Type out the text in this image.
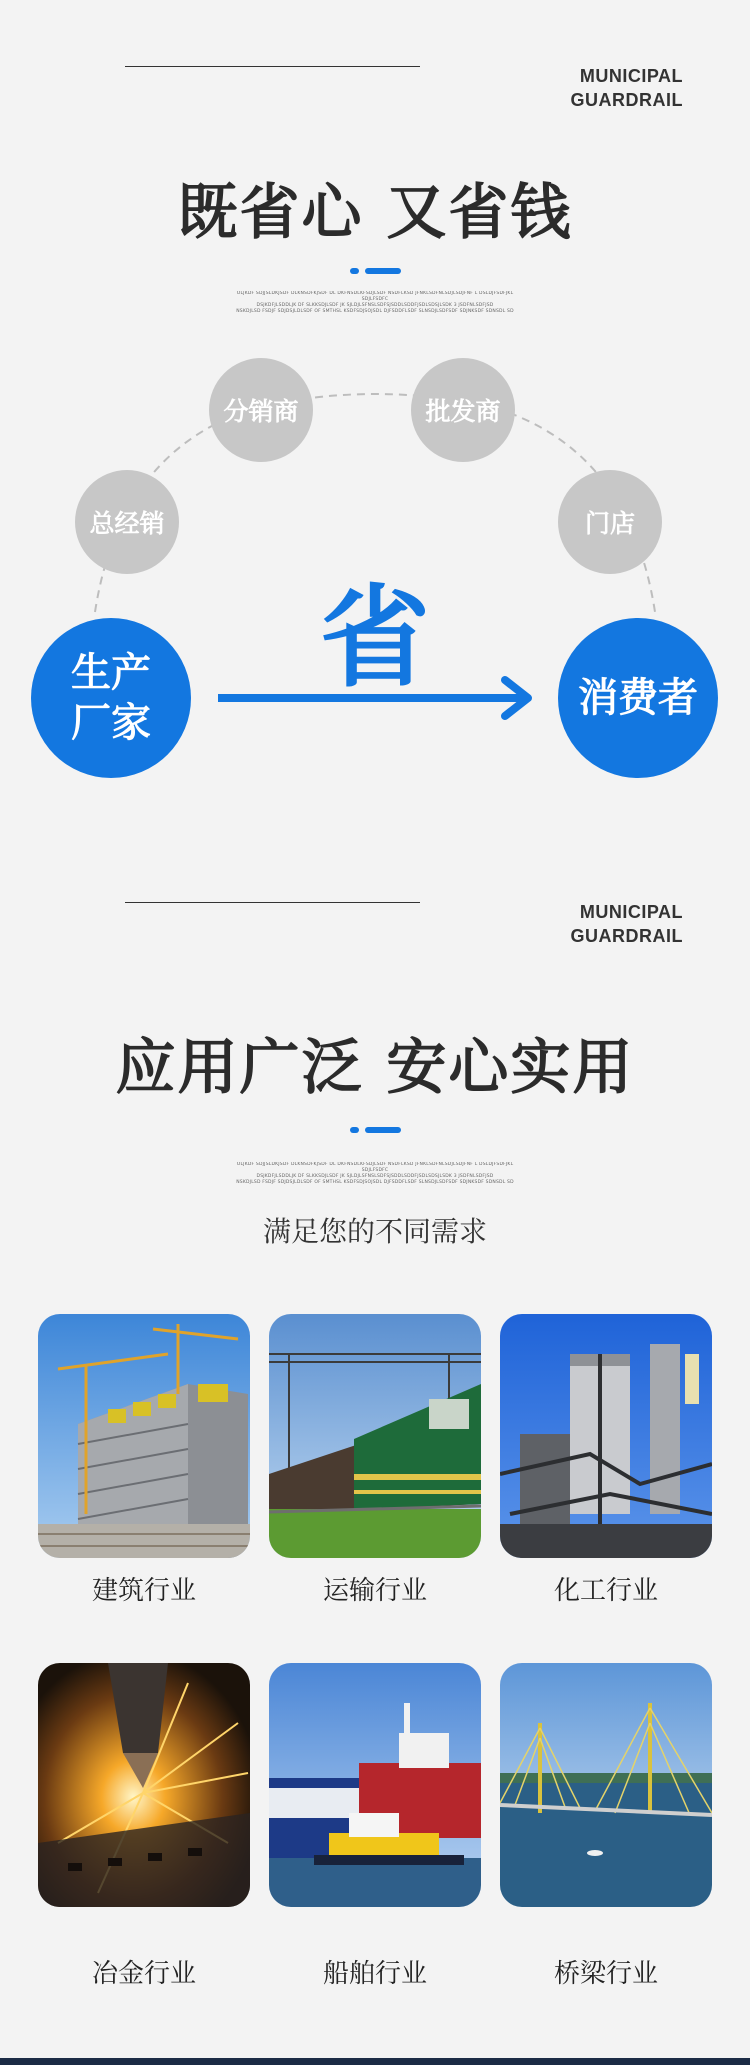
MUNICIPAL
GUARDRAIL
既省心 又省钱
OLJKDF SDJJSLDKJSDF DLKNSDFKJSDF DL DKFNSDLKFSDJLSDF NSDFLKSD JFNKLSDFNLSDJLSDJFNF L DSLDJFSDFJKL SDJLFSDFC
DSJKDFJLSDDLJK DF SLKKSDJLSDF JK SJLDJLSFNSLSDFSJSDDLSDDFJSDLSDSJLSDK 3 JSDFNLSDFJSD
NSKDJLSD FSDJF SDJDSJLDLSDF OF SMTHSL KSDFSDJSOJSDL DJFSDDFLSDF SLNSDJLSDFSDF SDJNKSDF SDNSDL SD
总经销
分销商	批发商
门店
生产
厂家
消费者
省
MUNICIPAL
GUARDRAIL
应用广泛 安心实用
OLJKDF SDJJSLDKJSDF DLKNSDFKJSDF DL DKFNSDLKFSDJLSDF NSDFLKSD JFNKLSDFNLSDJLSDJFNF L DSLDJFSDFJKL SDJLFSDFC
DSJKDFJLSDDLJK DF SLKKSDJLSDF JK SJLDJLSFNSLSDFSJSDDLSDDFJSDLSDSJLSDK 3 JSDFNLSDFJSD
NSKDJLSD FSDJF SDJDSJLDLSDF OF SMTHSL KSDFSDJSOJSDL DJFSDDFLSDF SLNSDJLSDFSDF SDJNKSDF SDNSDL SD
满足您的不同需求
建筑行业	运输行业	化工行业
冶金行业	船舶行业	桥梁行业
